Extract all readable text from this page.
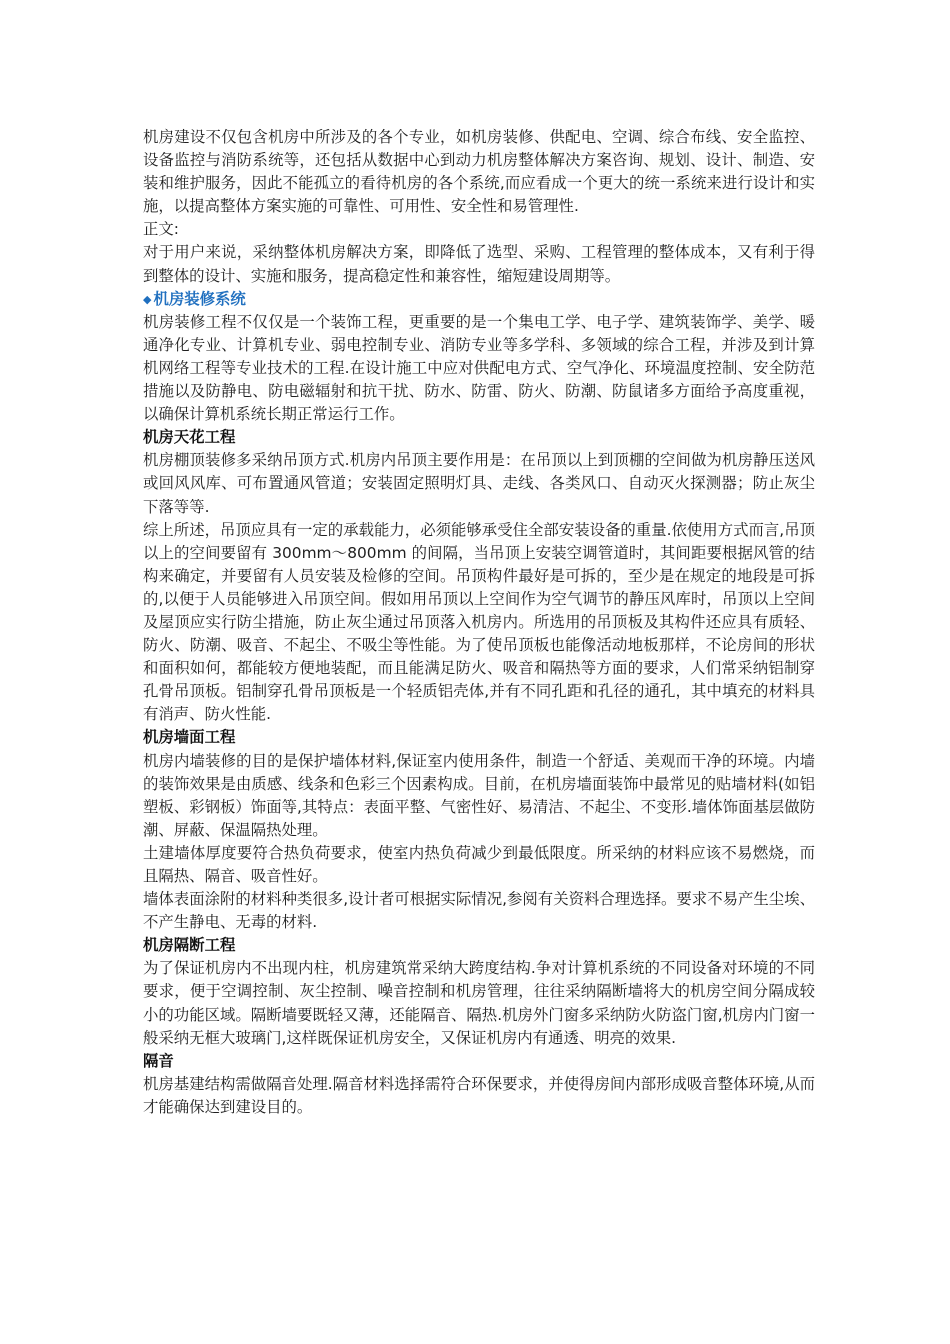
机房建设不仅包含机房中所涉及的各个专业，如机房装修、供配电、空调、综合布线、安全监控、设备监控与消防系统等，还包括从数据中心到动力机房整体解决方案咨询、规划、设计、制造、安装和维护服务，因此不能孤立的看待机房的各个系统,而应看成一个更大的统一系统来进行设计和实施，以提高整体方案实施的可靠性、可用性、安全性和易管理性.

正文:

对于用户来说，采纳整体机房解决方案，即降低了选型、采购、工程管理的整体成本，又有利于得到整体的设计、实施和服务，提高稳定性和兼容性，缩短建设周期等。

◆ 机房装修系统

机房装修工程不仅仅是一个装饰工程，更重要的是一个集电工学、电子学、建筑装饰学、美学、暖通净化专业、计算机专业、弱电控制专业、消防专业等多学科、多领域的综合工程，并涉及到计算机网络工程等专业技术的工程.在设计施工中应对供配电方式、空气净化、环境温度控制、安全防范措施以及防静电、防电磁辐射和抗干扰、防水、防雷、防火、防潮、防鼠诸多方面给予高度重视，以确保计算机系统长期正常运行工作。

机房天花工程

机房棚顶装修多采纳吊顶方式.机房内吊顶主要作用是：在吊顶以上到顶棚的空间做为机房静压送风或回风风库、可布置通风管道；安装固定照明灯具、走线、各类风口、自动灭火探测器；防止灰尘下落等等.

综上所述，吊顶应具有一定的承载能力，必须能够承受住全部安装设备的重量.依使用方式而言,吊顶以上的空间要留有 300mm～800mm 的间隔，当吊顶上安装空调管道时，其间距要根据风管的结构来确定，并要留有人员安装及检修的空间。吊顶构件最好是可拆的，至少是在规定的地段是可拆的,以便于人员能够进入吊顶空间。假如用吊顶以上空间作为空气调节的静压风库时，吊顶以上空间及屋顶应实行防尘措施，防止灰尘通过吊顶落入机房内。所选用的吊顶板及其构件还应具有质轻、防火、防潮、吸音、不起尘、不吸尘等性能。为了使吊顶板也能像活动地板那样，不论房间的形状和面积如何，都能较方便地装配，而且能满足防火、吸音和隔热等方面的要求，人们常采纳铝制穿孔骨吊顶板。铝制穿孔骨吊顶板是一个轻质铝壳体,并有不同孔距和孔径的通孔，其中填充的材料具有消声、防火性能.

机房墙面工程

机房内墙装修的目的是保护墙体材料,保证室内使用条件，制造一个舒适、美观而干净的环境。内墙的装饰效果是由质感、线条和色彩三个因素构成。目前，在机房墙面装饰中最常见的贴墙材料(如铝塑板、彩钢板）饰面等,其特点：表面平整、气密性好、易清洁、不起尘、不变形.墙体饰面基层做防潮、屏蔽、保温隔热处理。

土建墙体厚度要符合热负荷要求，使室内热负荷减少到最低限度。所采纳的材料应该不易燃烧，而且隔热、隔音、吸音性好。

墙体表面涂附的材料种类很多,设计者可根据实际情况,参阅有关资料合理选择。要求不易产生尘埃、不产生静电、无毒的材料.

机房隔断工程

为了保证机房内不出现内柱，机房建筑常采纳大跨度结构.争对计算机系统的不同设备对环境的不同要求，便于空调控制、灰尘控制、噪音控制和机房管理，往往采纳隔断墙将大的机房空间分隔成较小的功能区域。隔断墙要既轻又薄，还能隔音、隔热.机房外门窗多采纳防火防盗门窗,机房内门窗一般采纳无框大玻璃门,这样既保证机房安全，又保证机房内有通透、明亮的效果.

隔音

机房基建结构需做隔音处理.隔音材料选择需符合环保要求，并使得房间内部形成吸音整体环境,从而才能确保达到建设目的。
